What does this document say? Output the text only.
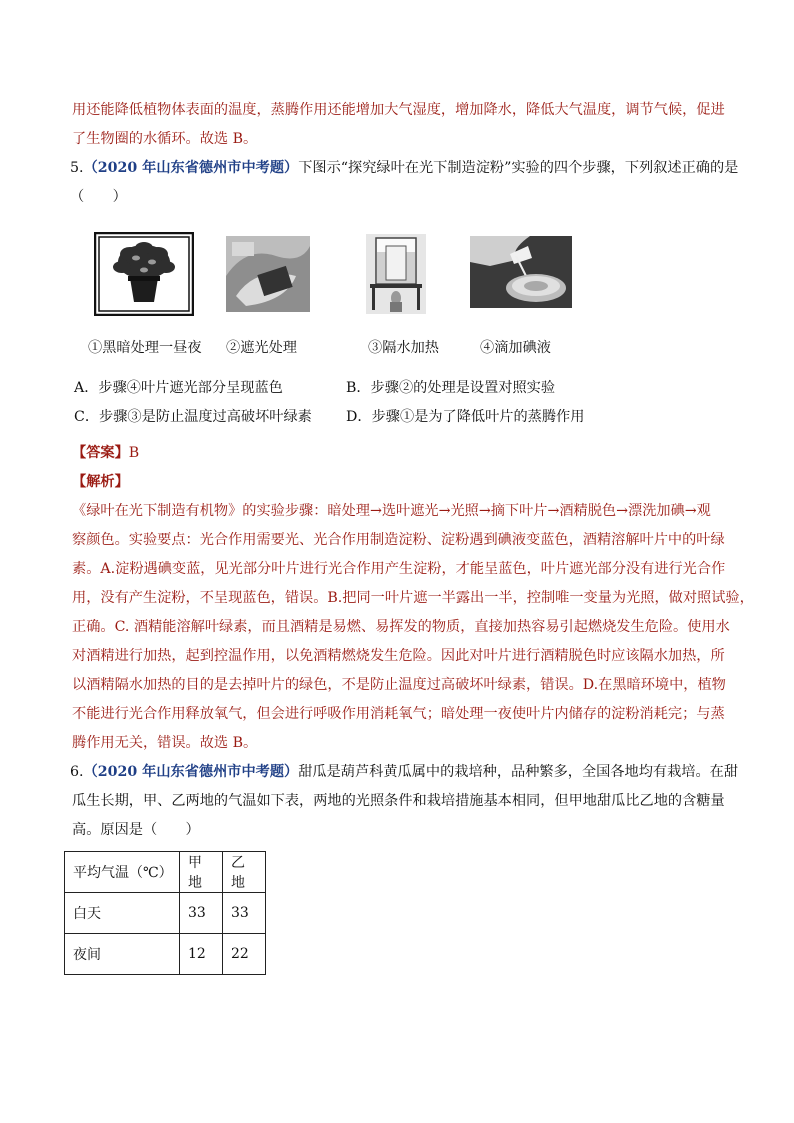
用还能降低植物体表面的温度，蒸腾作用还能增加大气湿度，增加降水，降低大气温度，调节气候，促进
了生物圈的水循环。故选 B。
5.（2020 年山东省德州市中考题）下图示“探究绿叶在光下制造淀粉”实验的四个步骤，下列叙述正确的是
（　　）
①黑暗处理一昼夜 ②遮光处理	③隔水加热	④滴加碘液
A．步骤④叶片遮光部分呈现蓝色	B．步骤②的处理是设置对照实验
C．步骤③是防止温度过高破坏叶绿素 D．步骤①是为了降低叶片的蒸腾作用
【答案】B
【解析】
《绿叶在光下制造有机物》的实验步骤：暗处理→选叶遮光→光照→摘下叶片→酒精脱色→漂洗加碘→观
察颜色。实验要点：光合作用需要光、光合作用制造淀粉、淀粉遇到碘液变蓝色，酒精溶解叶片中的叶绿
素。A.淀粉遇碘变蓝，见光部分叶片进行光合作用产生淀粉，才能呈蓝色，叶片遮光部分没有进行光合作
用，没有产生淀粉，不呈现蓝色，错误。B.把同一叶片遮一半露出一半，控制唯一变量为光照，做对照试验，
正确。C. 酒精能溶解叶绿素，而且酒精是易燃、易挥发的物质，直接加热容易引起燃烧发生危险。使用水
对酒精进行加热，起到控温作用，以免酒精燃烧发生危险。因此对叶片进行酒精脱色时应该隔水加热，所
以酒精隔水加热的目的是去掉叶片的绿色，不是防止温度过高破坏叶绿素，错误。D.在黑暗环境中，植物
不能进行光合作用释放氧气，但会进行呼吸作用消耗氧气；暗处理一夜使叶片内储存的淀粉消耗完；与蒸
腾作用无关，错误。故选 B。
6.（2020 年山东省德州市中考题）甜瓜是葫芦科黄瓜属中的栽培种，品种繁多，全国各地均有栽培。在甜
瓜生长期，甲、乙两地的气温如下表，两地的光照条件和栽培措施基本相同，但甲地甜瓜比乙地的含糖量
高。原因是（　　）
平均气温（℃）	甲地	乙地
白天	33	33
夜间	12	22
